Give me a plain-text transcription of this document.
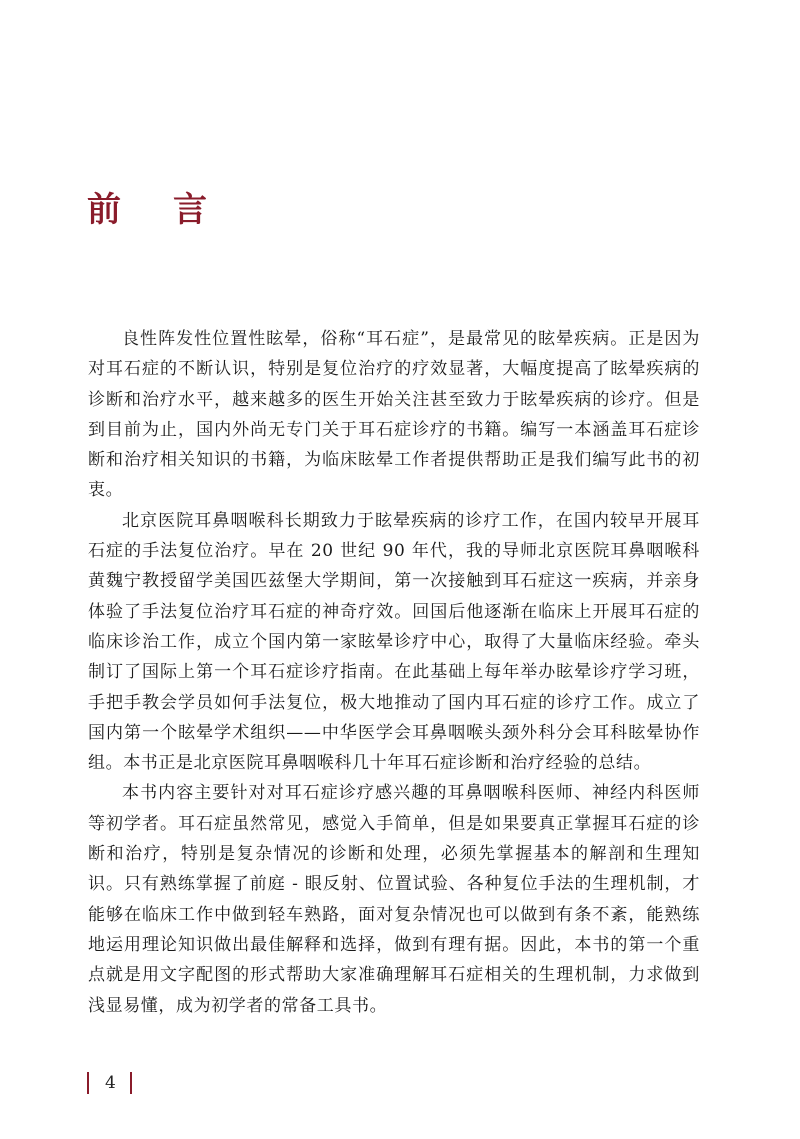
前言

良性阵发性位置性眩晕，俗称“耳石症”，是最常见的眩晕疾病。正是因为对耳石症的不断认识，特别是复位治疗的疗效显著，大幅度提高了眩晕疾病的诊断和治疗水平，越来越多的医生开始关注甚至致力于眩晕疾病的诊疗。但是到目前为止，国内外尚无专门关于耳石症诊疗的书籍。编写一本涵盖耳石症诊断和治疗相关知识的书籍，为临床眩晕工作者提供帮助正是我们编写此书的初衷。

北京医院耳鼻咽喉科长期致力于眩晕疾病的诊疗工作，在国内较早开展耳石症的手法复位治疗。早在 20 世纪 90 年代，我的导师北京医院耳鼻咽喉科黄魏宁教授留学美国匹兹堡大学期间，第一次接触到耳石症这一疾病，并亲身体验了手法复位治疗耳石症的神奇疗效。回国后他逐渐在临床上开展耳石症的临床诊治工作，成立个国内第一家眩晕诊疗中心，取得了大量临床经验。牵头制订了国际上第一个耳石症诊疗指南。在此基础上每年举办眩晕诊疗学习班，手把手教会学员如何手法复位，极大地推动了国内耳石症的诊疗工作。成立了国内第一个眩晕学术组织——中华医学会耳鼻咽喉头颈外科分会耳科眩晕协作组。本书正是北京医院耳鼻咽喉科几十年耳石症诊断和治疗经验的总结。

本书内容主要针对对耳石症诊疗感兴趣的耳鼻咽喉科医师、神经内科医师等初学者。耳石症虽然常见，感觉入手简单，但是如果要真正掌握耳石症的诊断和治疗，特别是复杂情况的诊断和处理，必须先掌握基本的解剖和生理知识。只有熟练掌握了前庭 - 眼反射、位置试验、各种复位手法的生理机制，才能够在临床工作中做到轻车熟路，面对复杂情况也可以做到有条不紊，能熟练地运用理论知识做出最佳解释和选择，做到有理有据。因此，本书的第一个重点就是用文字配图的形式帮助大家准确理解耳石症相关的生理机制，力求做到浅显易懂，成为初学者的常备工具书。

4
